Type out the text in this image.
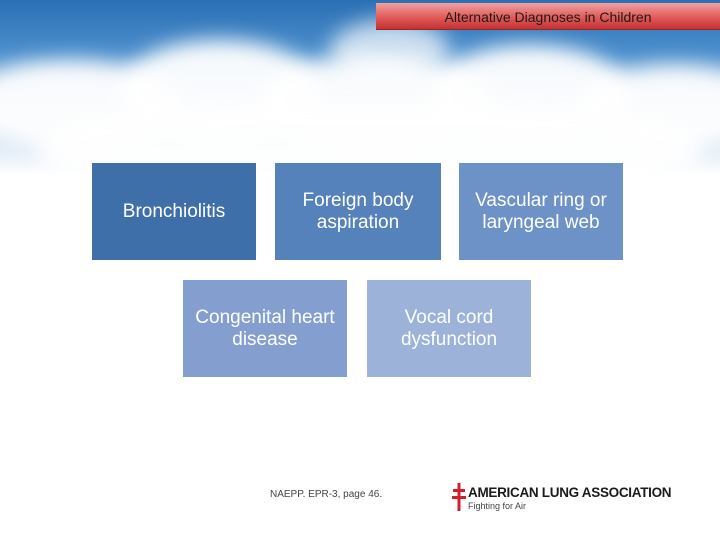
Alternative Diagnoses in Children
Bronchiolitis
Foreign body aspiration
Vascular ring or laryngeal web
Congenital heart disease
Vocal cord dysfunction
NAEPP. EPR-3, page 46.	AMERICAN LUNG ASSOCIATION
Fighting for Air
